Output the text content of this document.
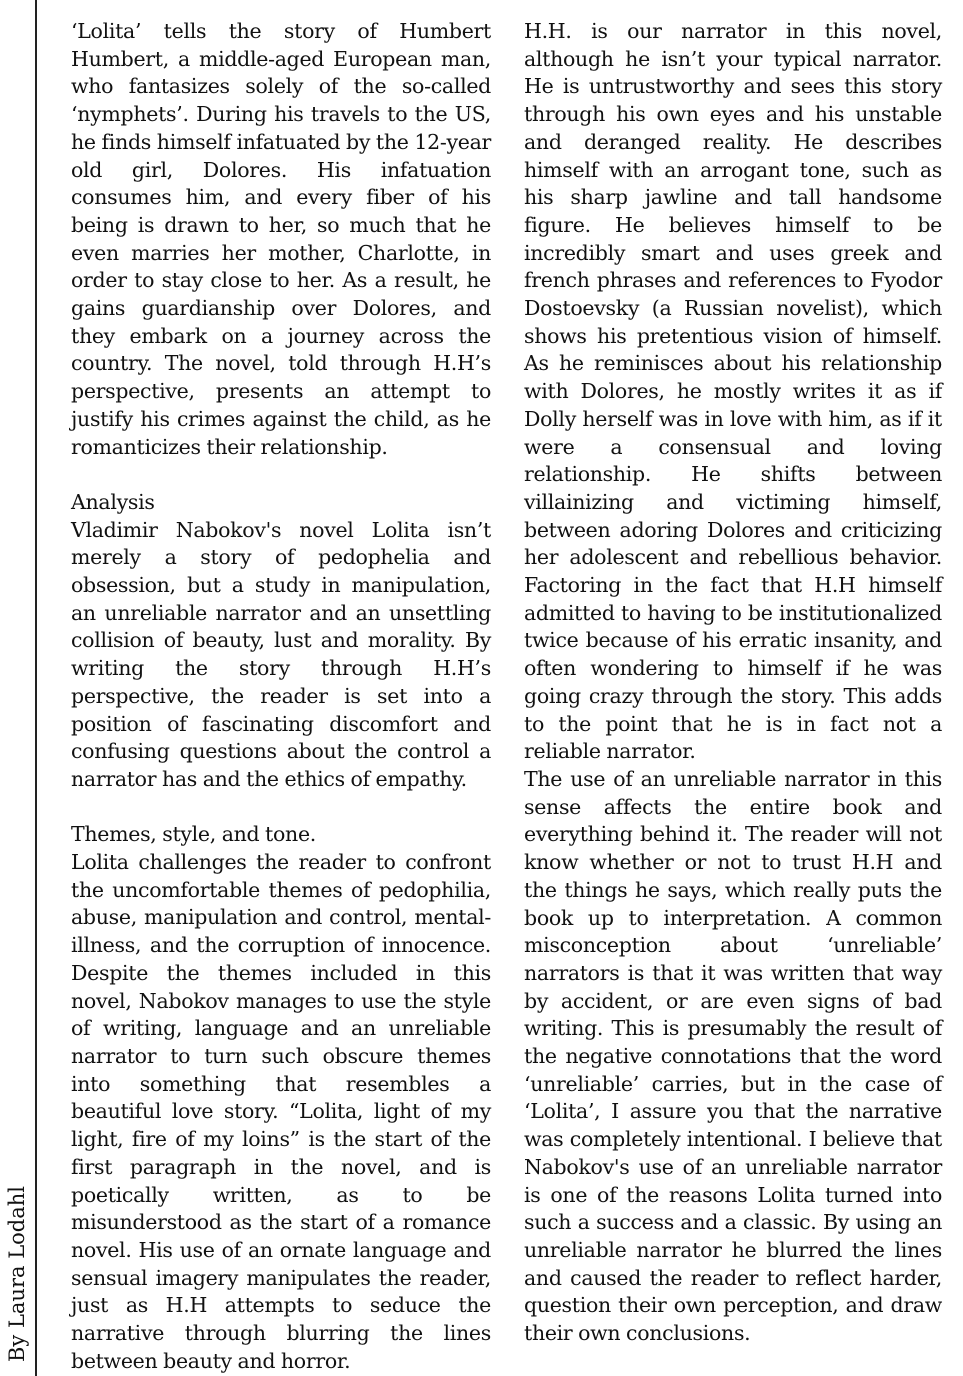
By Laura Lodahl

‘Lolita’ tells the story of Humbert Humbert, a middle-aged European man, who fantasizes solely of the so-called ‘nymphets’. During his travels to the US, he finds himself infatuated by the 12-year old girl, Dolores. His infatuation consumes him, and every fiber of his being is drawn to her, so much that he even marries her mother, Charlotte, in order to stay close to her. As a result, he gains guardianship over Dolores, and they embark on a journey across the country. The novel, told through H.H’s perspective, presents an attempt to justify his crimes against the child, as he romanticizes their relationship.

Analysis

Vladimir Nabokov's novel Lolita isn’t merely a story of pedophelia and obsession, but a study in manipulation, an unreliable narrator and an unsettling collision of beauty, lust and morality. By writing the story through H.H’s perspective, the reader is set into a position of fascinating discomfort and confusing questions about the control a narrator has and the ethics of empathy.

Themes, style, and tone.

Lolita challenges the reader to confront the uncomfortable themes of pedophilia, abuse, manipulation and control, mental-illness, and the corruption of innocence. Despite the themes included in this novel, Nabokov manages to use the style of writing, language and an unreliable narrator to turn such obscure themes into something that resembles a beautiful love story. “Lolita, light of my light, fire of my loins” is the start of the first paragraph in the novel, and is poetically written, as to be misunderstood as the start of a romance novel. His use of an ornate language and sensual imagery manipulates the reader, just as H.H attempts to seduce the narrative through blurring the lines between beauty and horror.

H.H. is our narrator in this novel, although he isn’t your typical narrator. He is untrustworthy and sees this story through his own eyes and his unstable and deranged reality. He describes himself with an arrogant tone, such as his sharp jawline and tall handsome figure. He believes himself to be incredibly smart and uses greek and french phrases and references to Fyodor Dostoevsky (a Russian novelist), which shows his pretentious vision of himself. As he reminisces about his relationship with Dolores, he mostly writes it as if Dolly herself was in love with him, as if it were a consensual and loving relationship. He shifts between villainizing and victiming himself, between adoring Dolores and criticizing her adolescent and rebellious behavior. Factoring in the fact that H.H himself admitted to having to be institutionalized twice because of his erratic insanity, and often wondering to himself if he was going crazy through the story. This adds to the point that he is in fact not a reliable narrator.

The use of an unreliable narrator in this sense affects the entire book and everything behind it. The reader will not know whether or not to trust H.H and the things he says, which really puts the book up to interpretation. A common misconception about ‘unreliable’ narrators is that it was written that way by accident, or are even signs of bad writing. This is presumably the result of the negative connotations that the word ‘unreliable’ carries, but in the case of ‘Lolita’, I assure you that the narrative was completely intentional. I believe that Nabokov's use of an unreliable narrator is one of the reasons Lolita turned into such a success and a classic. By using an unreliable narrator he blurred the lines and caused the reader to reflect harder, question their own perception, and draw their own conclusions.
